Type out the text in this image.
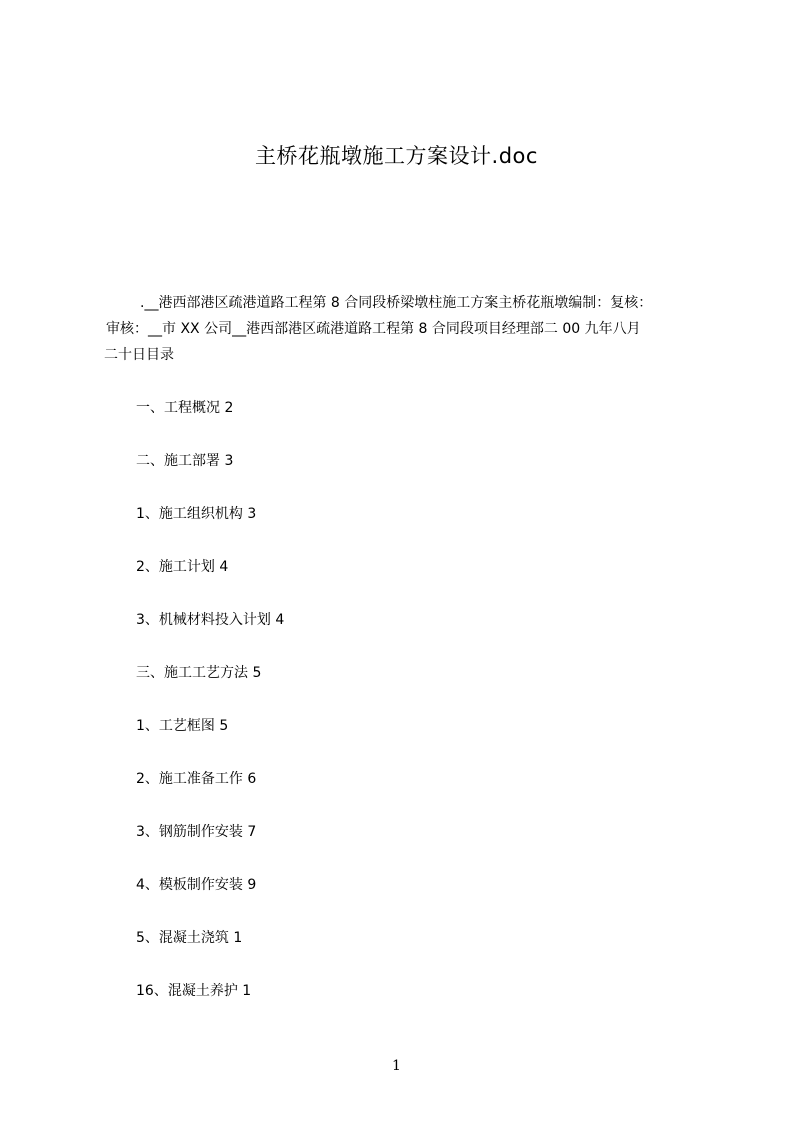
主桥花瓶墩施工方案设计.doc

.__港西部港区疏港道路工程第 8 合同段桥梁墩柱施工方案主桥花瓶墩编制：复核：

审核：__市 XX 公司__港西部港区疏港道路工程第 8 合同段项目经理部二 00 九年八月

二十日目录

一、工程概况 2
二、施工部署 3
1、施工组织机构 3
2、施工计划 4
3、机械材料投入计划 4
三、施工工艺方法 5
1、工艺框图 5
2、施工准备工作 6
3、钢筋制作安装 7
4、模板制作安装 9
5、混凝土浇筑 1
16、混凝土养护 1
1
